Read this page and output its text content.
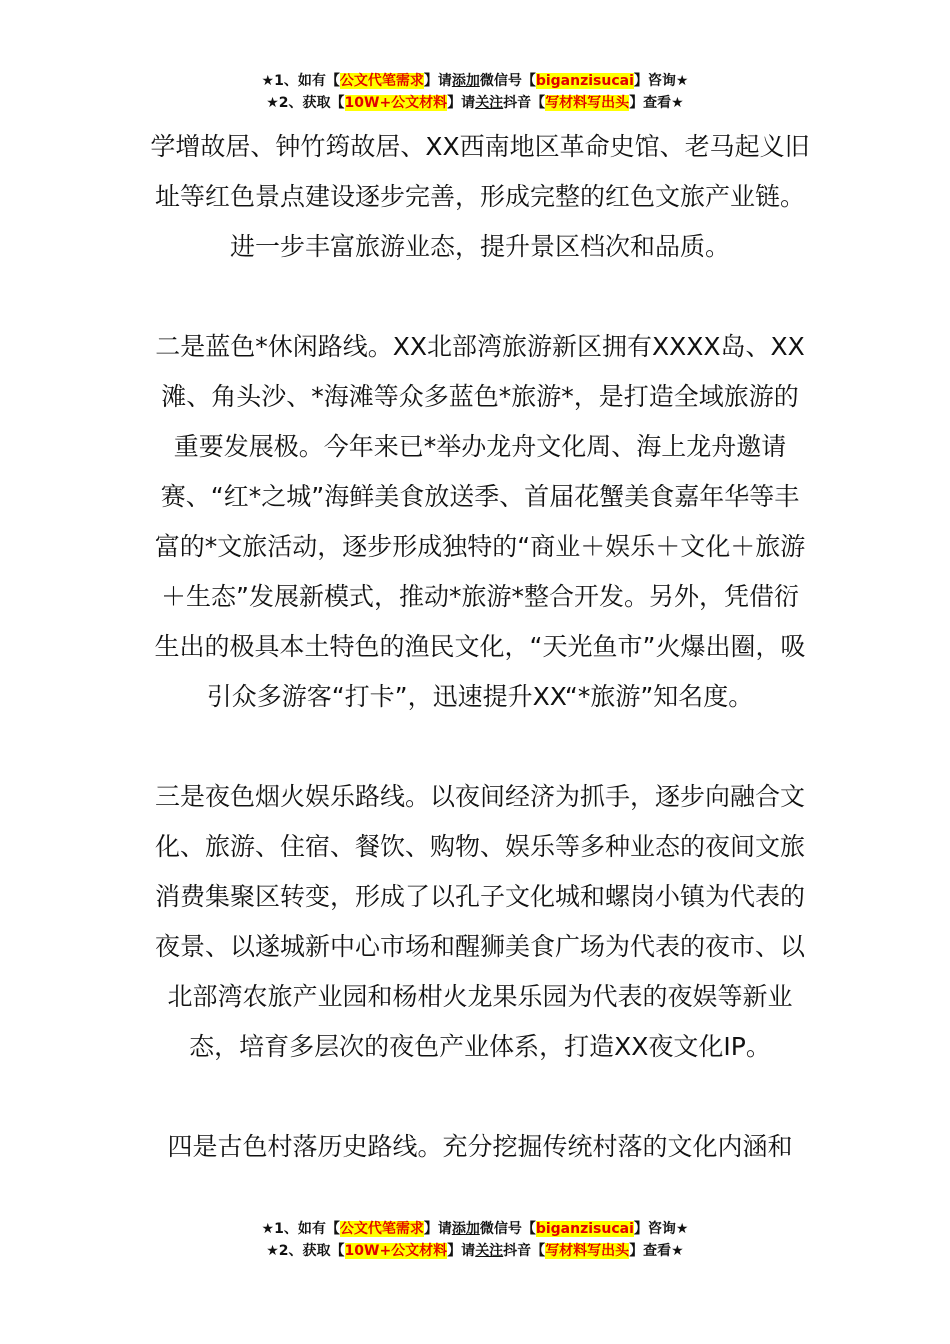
★1、如有【公文代笔需求】请添加微信号【biganzisucai】咨询★
★2、获取【10W+公文材料】请关注抖音【写材料写出头】查看★

学增故居、钟竹筠故居、XX西南地区革命史馆、老马起义旧址等红色景点建设逐步完善，形成完整的红色文旅产业链。进一步丰富旅游业态，提升景区档次和品质。

二是蓝色*休闲路线。XX北部湾旅游新区拥有XXXX岛、XX滩、角头沙、*海滩等众多蓝色*旅游*，是打造全域旅游的重要发展极。今年来已*举办龙舟文化周、海上龙舟邀请赛、“红*之城”海鲜美食放送季、首届花蟹美食嘉年华等丰富的*文旅活动，逐步形成独特的“商业＋娱乐＋文化＋旅游＋生态”发展新模式，推动*旅游*整合开发。另外，凭借衍生出的极具本土特色的渔民文化，“天光鱼市”火爆出圈，吸引众多游客“打卡”，迅速提升XX“*旅游”知名度。

三是夜色烟火娱乐路线。以夜间经济为抓手，逐步向融合文化、旅游、住宿、餐饮、购物、娱乐等多种业态的夜间文旅消费集聚区转变，形成了以孔子文化城和螺岗小镇为代表的夜景、以遂城新中心市场和醒狮美食广场为代表的夜市、以北部湾农旅产业园和杨柑火龙果乐园为代表的夜娱等新业态，培育多层次的夜色产业体系，打造XX夜文化IP。

四是古色村落历史路线。充分挖掘传统村落的文化内涵和

★1、如有【公文代笔需求】请添加微信号【biganzisucai】咨询★
★2、获取【10W+公文材料】请关注抖音【写材料写出头】查看★
